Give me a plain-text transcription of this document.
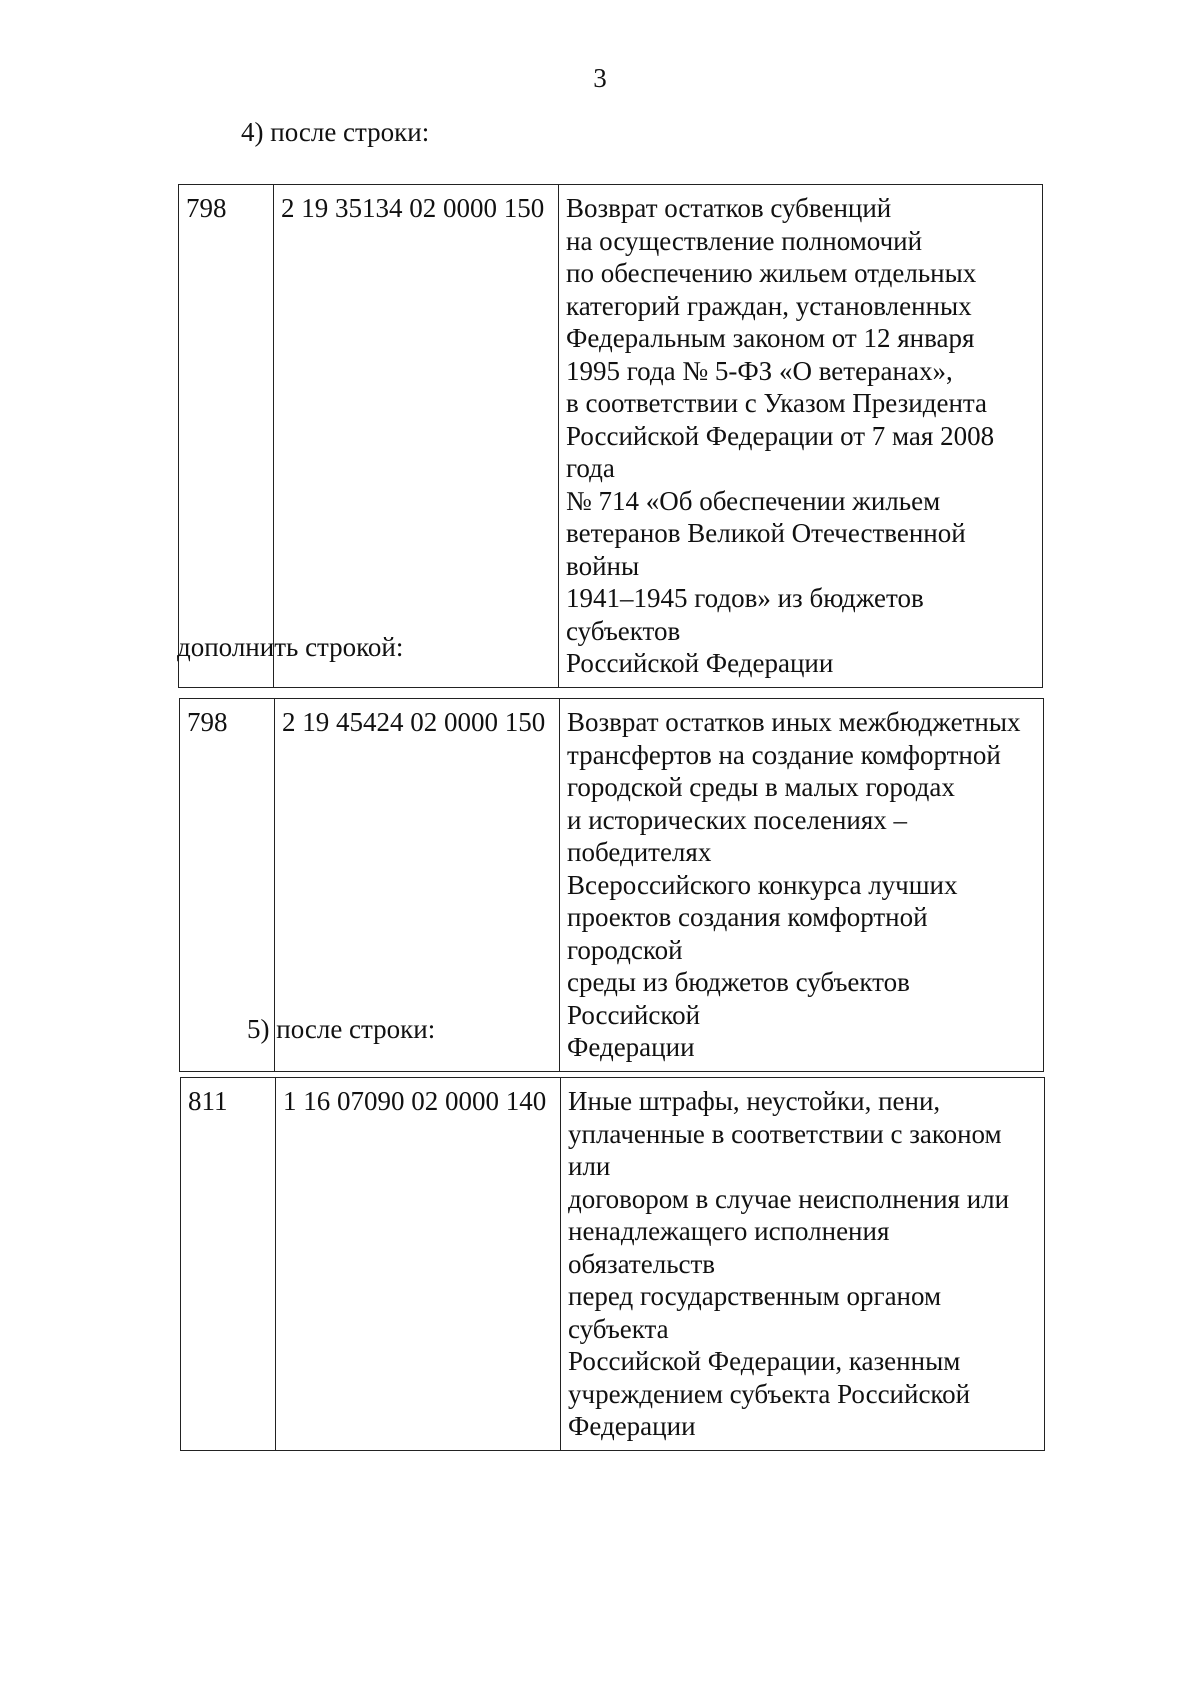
3
4) после строки:
798	2 19 35134 02 0000 150	Возврат остатков субвенций
на осуществление полномочий
по обеспечению жильем отдельных
категорий граждан, установленных
Федеральным законом от 12 января
1995 года № 5-ФЗ «О ветеранах»,
в соответствии с Указом Президента
Российской Федерации от 7 мая 2008 года
№ 714 «Об обеспечении жильем
ветеранов Великой Отечественной войны
1941–1945 годов» из бюджетов субъектов
Российской Федерации
дополнить строкой:
798	2 19 45424 02 0000 150	Возврат остатков иных межбюджетных
трансфертов на создание комфортной
городской среды в малых городах
и исторических поселениях – победителях
Всероссийского конкурса лучших
проектов создания комфортной городской
среды из бюджетов субъектов Российской
Федерации
5) после строки:
811	1 16 07090 02 0000 140	Иные штрафы, неустойки, пени,
уплаченные в соответствии с законом или
договором в случае неисполнения или
ненадлежащего исполнения обязательств
перед государственным органом субъекта
Российской Федерации, казенным
учреждением субъекта Российской
Федерации
